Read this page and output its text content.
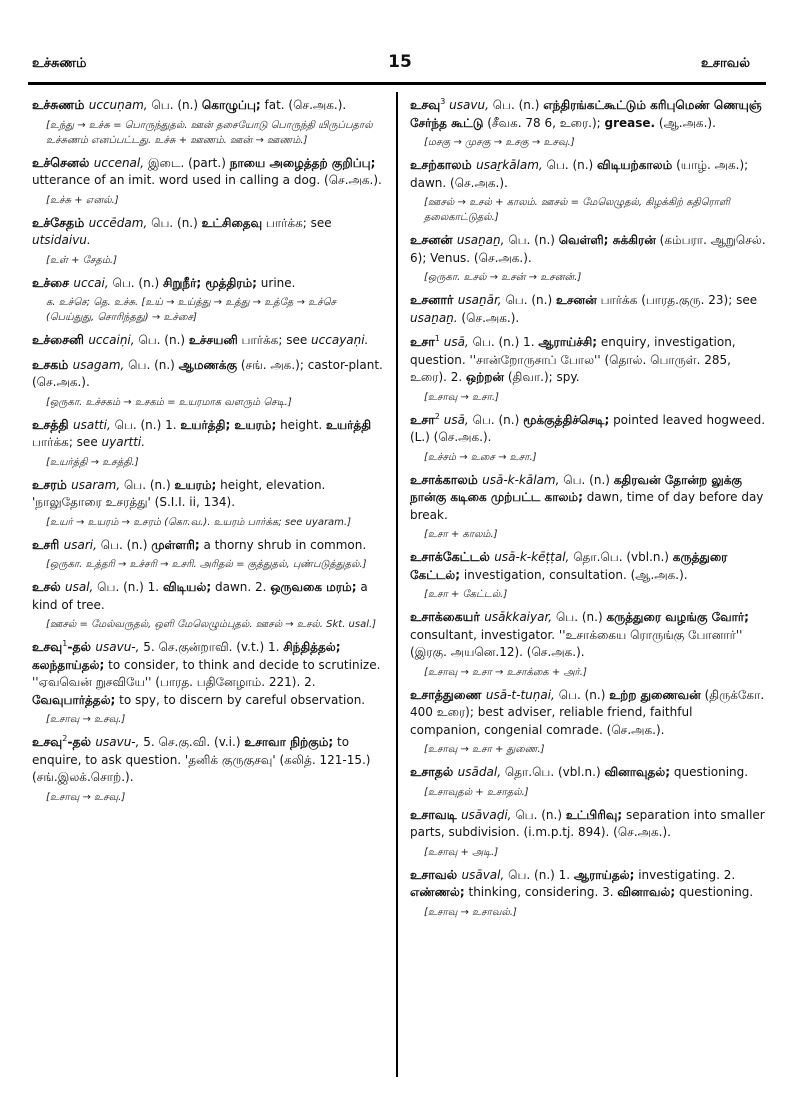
உச்சுணம்	15	உசாவல்

உச்சுணம் uccuṇam, பெ. (n.) கொழுப்பு; fat. (செ.அக.).

[உந்து → உச்சு = பொருந்துதல். ஊன் தசையோடு பொருந்தி யிருப்பதால் உச்சுணம் எனப்பட்டது. உச்சு + ஊணம். ஊன் → ஊணம்.]

உச்செனல் uccenal, இடை. (part.) நாயை அழைத்தற் குறிப்பு; utterance of an imit. word used in calling a dog. (செ.அக.).

[உச்சு + எனல்.]

உச்சேதம் uccēdam, பெ. (n.) உட்சிதைவு பார்க்க; see utsidaivu.

[உள் + சேதம்.]

உச்சை uccai, பெ. (n.) சிறுநீர்; மூத்திரம்; urine.

க. உச்செ; தெ. உச்சு. [உய் → உய்த்து → உத்து → உத்தே → உச்செ (பெய்துது, சொரிந்தது) → உச்சை]

உச்சைனி uccaiṇi, பெ. (n.) உச்சயனி பார்க்க; see uccayaṇi.

உசகம் usagam, பெ. (n.) ஆமணக்கு (சங். அக.); castor-plant. (செ.அக.).

[ஒருகா. உச்சகம் → உசகம் = உயரமாக வளரும் செடி.]

உசத்தி usatti, பெ. (n.) 1. உயர்த்தி; உயரம்; height. உயர்த்தி பார்க்க; see uyartti.

[உயர்த்தி → உசத்தி.]

உசரம் usaram, பெ. (n.) உயரம்; height, elevation. 'நாலுதோரை உசரத்து' (S.I.I. ii, 134).

[உயர் → உயரம் → உசரம் (கொ.வ.). உயரம் பார்க்க; see uyaram.]

உசரி usari, பெ. (n.) முள்ளரி; a thorny shrub in common.

[ஒருகா. உத்தரி → உச்சரி → உசரி. அரிதல் = குத்துதல், புண்படுத்துதல்.]

உசல் usal, பெ. (n.) 1. விடியல்; dawn. 2. ஒருவகை மரம்; a kind of tree.

[ஊசல் = மேல்வருதல், ஒளி மேலெழும்புதல். ஊசல் → உசல். Skt. usal.]

உசவு$^1$-தல் usavu-, 5. செ.குன்றாவி. (v.t.) 1. சிந்தித்தல்; கலந்தாய்தல்; to consider, to think and decide to scrutinize. ''ஏவவென் றுசவியே'' (பாரத. பதினேழாம். 221). 2. வேவுபார்த்தல்; to spy, to discern by careful observation.

[உசாவு → உசவு.]

உசவு$^2$-தல் usavu-, 5. செ.கு.வி. (v.i.) உசாவா நிற்கும்; to enquire, to ask question. 'தனிக் குருகுசவு' (கலித். 121-15.) (சங்.இலக்.சொற்.).

[உசாவு → உசவு.]

உசவு$^3$ usavu, பெ. (n.) எந்திரங்கட்கூட்டும் கரிபுமெண் ணெயுஞ் சேர்ந்த கூட்டு (சீவக. 78 6, உரை.); grease. (ஆ.அக.).

[மசகு → முசகு → உசகு → உசவு.]

உசற்காலம் usaṟkālam, பெ. (n.) விடியற்காலம் (யாழ். அக.); dawn. (செ.அக.).

[ஊசல் → உசல் + காலம். ஊசல் = மேலெழுதல், கிழக்கிற் கதிரொளி தலைகாட்டுதல்.]

உசனன் usaṉaṉ, பெ. (n.) வெள்ளி; சுக்கிரன் (கம்பரா. ஆறுசெல். 6); Venus. (செ.அக.).

[ஒருகா. உசல் → உசன் → உசனன்.]

உசனார் usaṉār, பெ. (n.) உசனன் பார்க்க (பாரத.குரு. 23); see usaṉaṉ. (செ.அக.).

உசா$^1$ usā, பெ. (n.) 1. ஆராய்ச்சி; enquiry, investigation, question. ''சான்றோருசாப் போல'' (தொல். பொருள். 285, உரை). 2. ஒற்றன் (திவா.); spy.

[உசாவு → உசா.]

உசா$^2$ usā, பெ. (n.) மூக்குத்திச்செடி; pointed leaved hogweed. (L.) (செ.அக.).

[உச்சம் → உசை → உசா.]

உசாக்காலம் usā-k-kālam, பெ. (n.) கதிரவன் தோன்ற லுக்கு நான்கு கடிகை முற்பட்ட காலம்; dawn, time of day before day break.

[உசா + காலம்.]

உசாக்கேட்டல் usā-k-kēṭṭal, தொ.பெ. (vbl.n.) கருத்துரை கேட்டல்; investigation, consultation. (ஆ.அக.).

[உசா + கேட்டல்.]

உசாக்கையர் usākkaiyar, பெ. (n.) கருத்துரை வழங்கு வோர்; consultant, investigator. ''உசாக்கைய ரொருங்கு போனார்'' (இரகு. அயனெ.12). (செ.அக.).

[உசாவு → உசா → உசாக்கை + அர்.]

உசாத்துணை usā-t-tuṇai, பெ. (n.) உற்ற துணைவன் (திருக்கோ. 400 உரை); best adviser, reliable friend, faithful companion, congenial comrade. (செ.அக.).

[உசாவு → உசா + துணை.]

உசாதல் usādal, தொ.பெ. (vbl.n.) வினாவுதல்; questioning.

[உசாவுதல் + உசாதல்.]

உசாவடி usāvaḍi, பெ. (n.) உட்பிரிவு; separation into smaller parts, subdivision. (i.m.p.tj. 894). (செ.அக.).

[உசாவு + அடி.]

உசாவல் usāval, பெ. (n.) 1. ஆராய்தல்; investigating. 2. எண்ணல்; thinking, considering. 3. வினாவல்; questioning.

[உசாவு → உசாவல்.]
